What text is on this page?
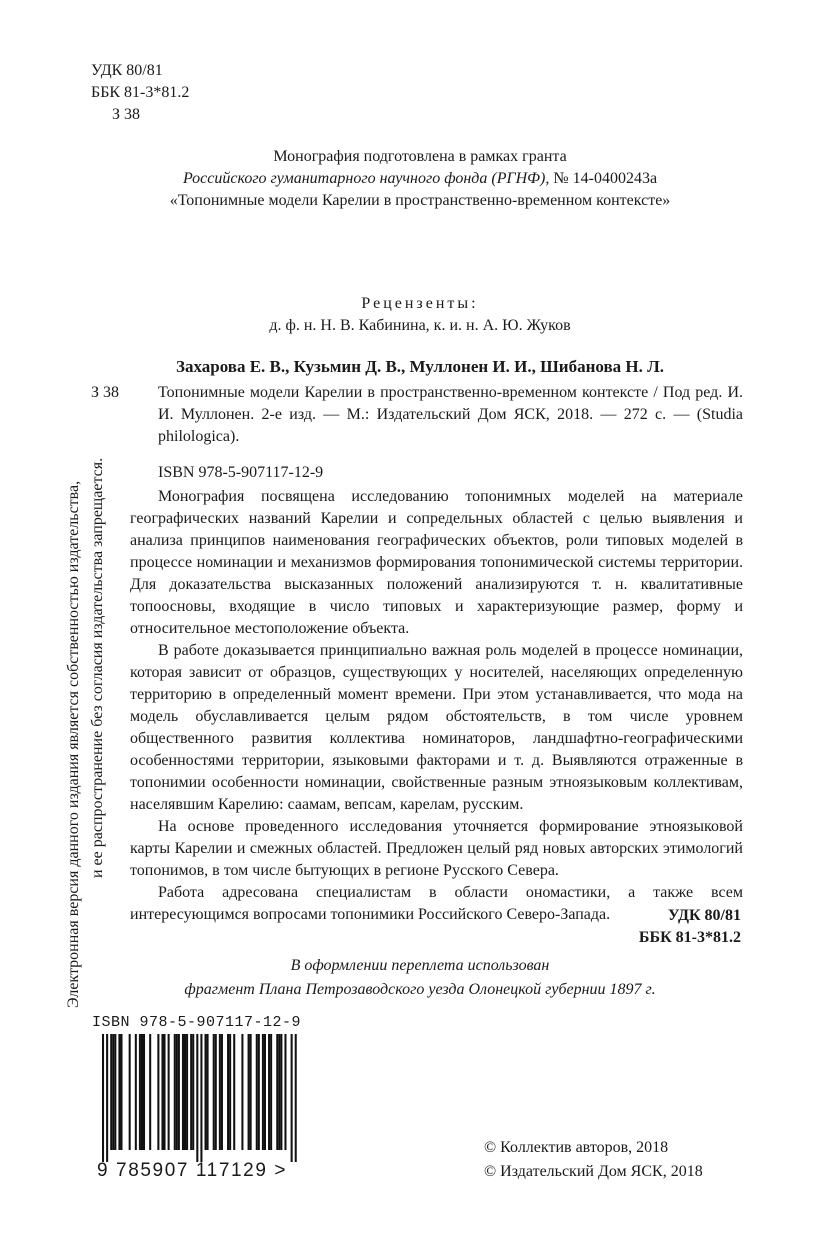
УДК 80/81
ББК 81-3*81.2
З 38
Монография подготовлена в рамках гранта
Российского гуманитарного научного фонда (РГНФ), № 14-0400243а
«Топонимные модели Карелии в пространственно-временном контексте»
Рецензенты:
д. ф. н. Н. В. Кабинина, к. и. н. А. Ю. Жуков
Захарова Е. В., Кузьмин Д. В., Муллонен И. И., Шибанова Н. Л.
З 38 Топонимные модели Карелии в пространственно-временном контексте / Под ред. И. И. Муллонен. 2-е изд. — М.: Издательский Дом ЯСК, 2018. — 272 с. — (Studia philologica).
ISBN 978-5-907117-12-9

Монография посвящена исследованию топонимных моделей на материале географических названий Карелии и сопредельных областей с целью выявления и анализа принципов наименования географических объектов, роли типовых моделей в процессе номинации и механизмов формирования топонимической системы территории. Для доказательства высказанных положений анализируются т. н. квалитативные топоосновы, входящие в число типовых и характеризующие размер, форму и относительное местоположение объекта.

В работе доказывается принципиально важная роль моделей в процессе номинации, которая зависит от образцов, существующих у носителей, населяющих определенную территорию в определенный момент времени. При этом устанавливается, что мода на модель обуславливается целым рядом обстоятельств, в том числе уровнем общественного развития коллектива номинаторов, ландшафтно-географическими особенностями территории, языковыми факторами и т. д. Выявляются отраженные в топонимии особенности номинации, свойственные разным этноязыковым коллективам, населявшим Карелию: саамам, вепсам, карелам, русским.

На основе проведенного исследования уточняется формирование этноязыковой карты Карелии и смежных областей. Предложен целый ряд новых авторских этимологий топонимов, в том числе бытующих в регионе Русского Севера.

Работа адресована специалистам в области ономастики, а также всем интересующимся вопросами топонимики Российского Северо-Запада.	УДК 80/81
ББК 81-3*81.2
В оформлении переплета использован
фрагмент Плана Петрозаводского уезда Олонецкой губернии 1897 г.
Электронная версия данного издания является собственностью издательства, и ее распространение без согласия издательства запрещается.
ISBN 978-5-907117-12-9
9 785907 117129 >
© Коллектив авторов, 2018
© Издательский Дом ЯСК, 2018
